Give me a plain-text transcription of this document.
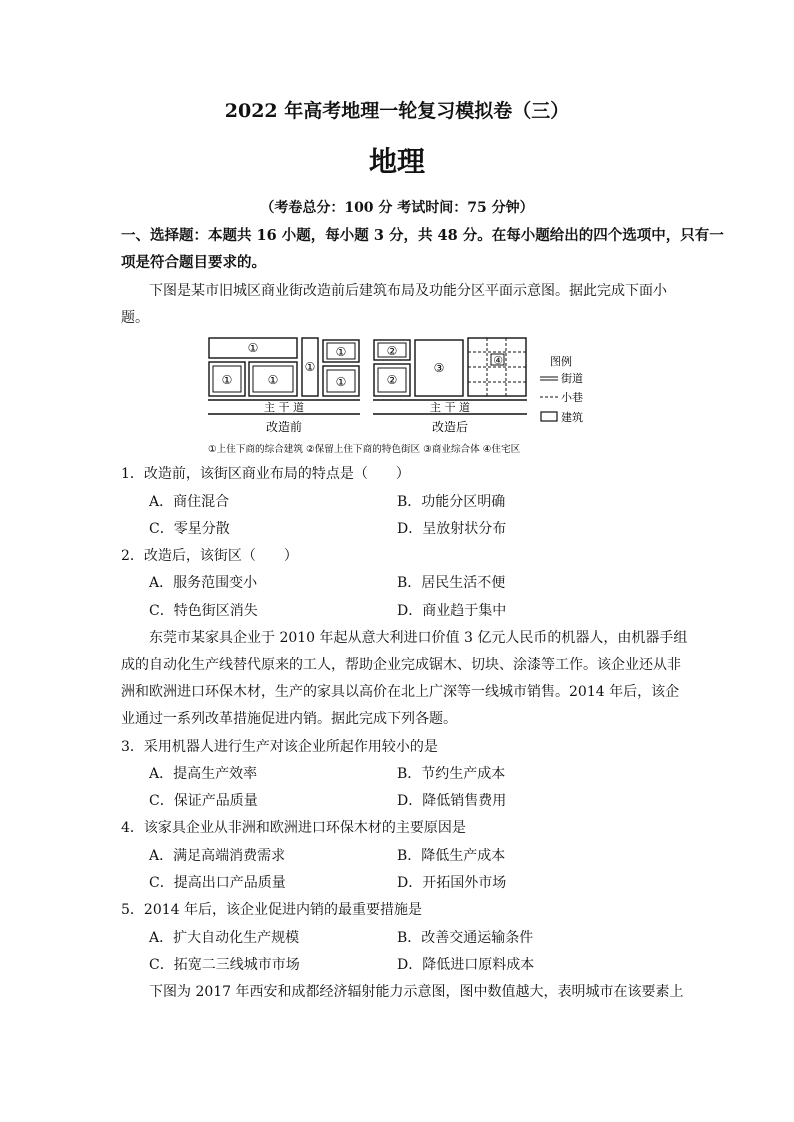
2022 年高考地理一轮复习模拟卷（三）
地理
（考卷总分：100 分 考试时间：75 分钟）
一、选择题：本题共 16 小题，每小题 3 分，共 48 分。在每小题给出的四个选项中，只有一
项是符合题目要求的。
下图是某市旧城区商业街改造前后建筑布局及功能分区平面示意图。据此完成下面小
题。
①
①	①
①
①
①
主 干 道
改造前
②
②
③
④
主 干 道
改造后
图例
街道
小巷
建筑
①上住下商的综合建筑 ②保留上住下商的特色街区 ③商业综合体 ④住宅区
1．改造前，该街区商业布局的特点是（　　）
A．商住混合	B．功能分区明确
C．零星分散	D．呈放射状分布
2．改造后，该街区（　　）
A．服务范围变小	B．居民生活不便
C．特色街区消失	D．商业趋于集中
东莞市某家具企业于 2010 年起从意大利进口价值 3 亿元人民币的机器人，由机器手组
成的自动化生产线替代原来的工人，帮助企业完成锯木、切块、涂漆等工作。该企业还从非
洲和欧洲进口环保木材，生产的家具以高价在北上广深等一线城市销售。2014 年后，该企
业通过一系列改革措施促进内销。据此完成下列各题。
3．采用机器人进行生产对该企业所起作用较小的是
A．提高生产效率	B．节约生产成本
C．保证产品质量	D．降低销售费用
4．该家具企业从非洲和欧洲进口环保木材的主要原因是
A．满足高端消费需求	B．降低生产成本
C．提高出口产品质量	D．开拓国外市场
5．2014 年后，该企业促进内销的最重要措施是
A．扩大自动化生产规模	B．改善交通运输条件
C．拓宽二三线城市市场	D．降低进口原料成本
下图为 2017 年西安和成都经济辐射能力示意图，图中数值越大，表明城市在该要素上
